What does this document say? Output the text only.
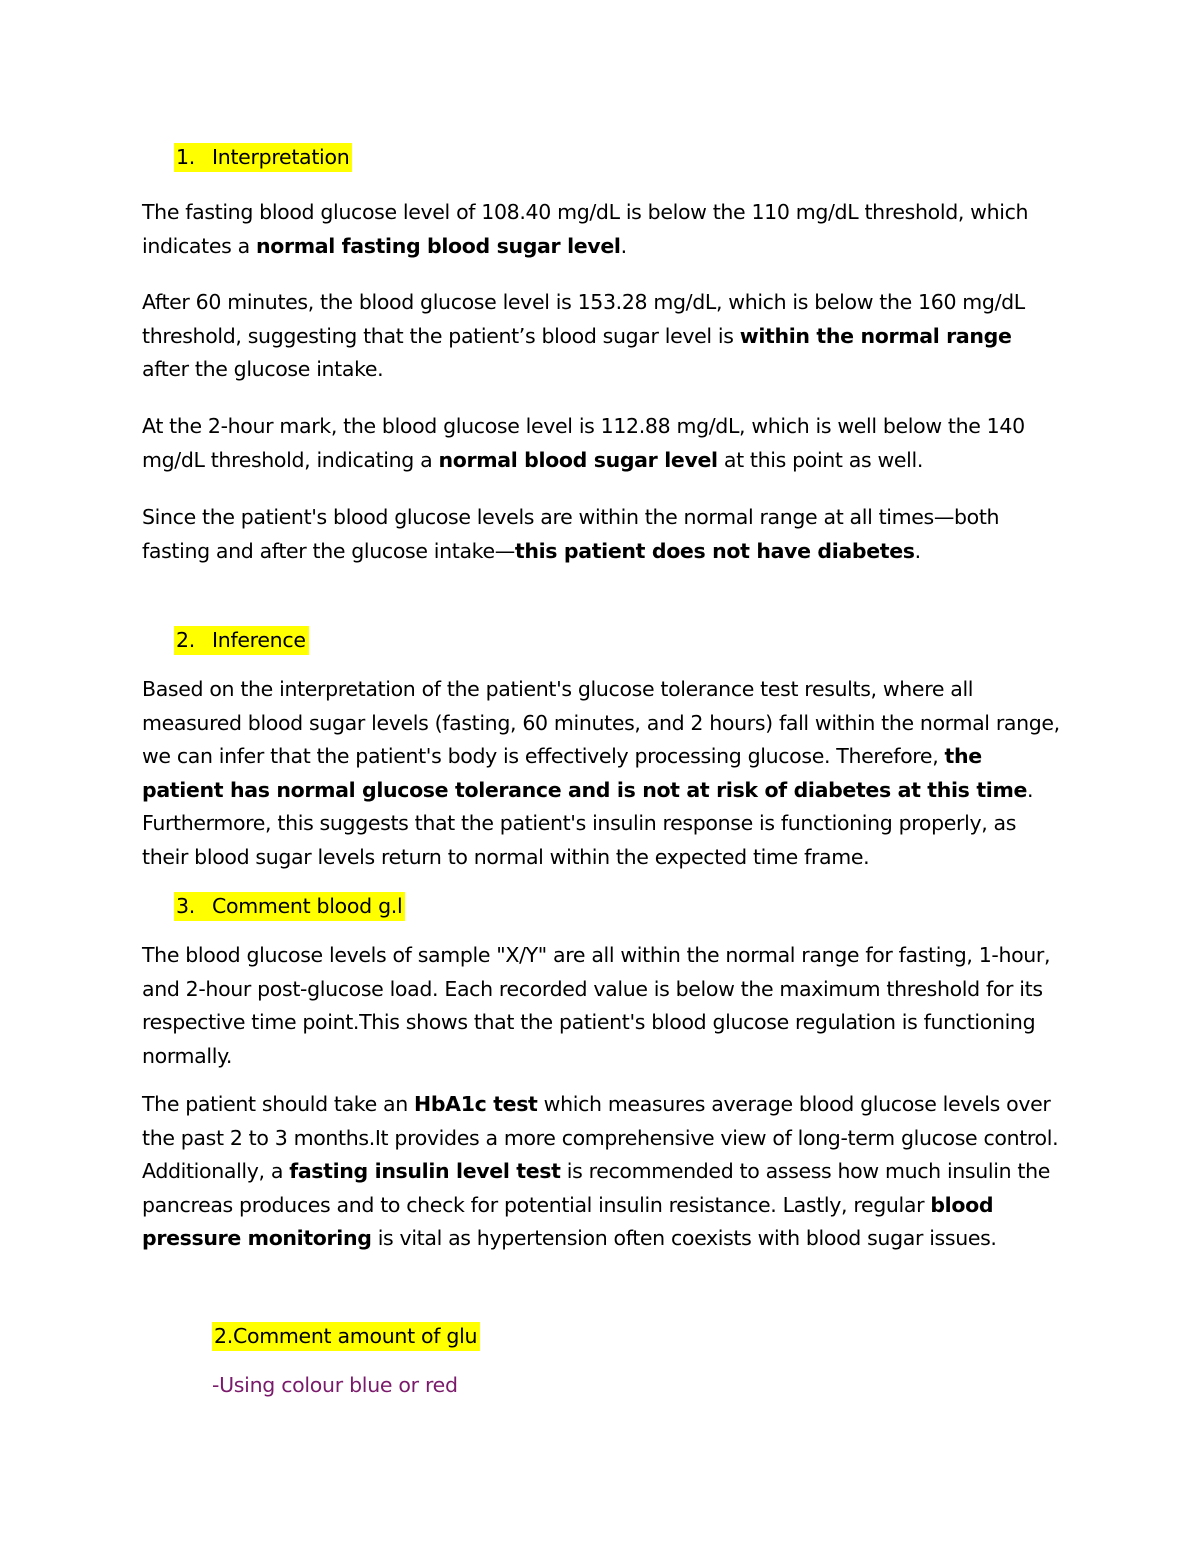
1. Interpretation

The fasting blood glucose level of 108.40 mg/dL is below the 110 mg/dL threshold, which indicates a normal fasting blood sugar level.

After 60 minutes, the blood glucose level is 153.28 mg/dL, which is below the 160 mg/dL threshold, suggesting that the patient’s blood sugar level is within the normal range after the glucose intake.

At the 2-hour mark, the blood glucose level is 112.88 mg/dL, which is well below the 140 mg/dL threshold, indicating a normal blood sugar level at this point as well.

Since the patient's blood glucose levels are within the normal range at all times—both fasting and after the glucose intake—this patient does not have diabetes.

2. Inference

Based on the interpretation of the patient's glucose tolerance test results, where all measured blood sugar levels (fasting, 60 minutes, and 2 hours) fall within the normal range, we can infer that the patient's body is effectively processing glucose. Therefore, the patient has normal glucose tolerance and is not at risk of diabetes at this time. Furthermore, this suggests that the patient's insulin response is functioning properly, as their blood sugar levels return to normal within the expected time frame.

3. Comment blood g.l

The blood glucose levels of sample "X/Y" are all within the normal range for fasting, 1-hour, and 2-hour post-glucose load. Each recorded value is below the maximum threshold for its respective time point.This shows that the patient's blood glucose regulation is functioning normally.

The patient should take an HbA1c test which measures average blood glucose levels over the past 2 to 3 months.It provides a more comprehensive view of long-term glucose control. Additionally, a fasting insulin level test is recommended to assess how much insulin the pancreas produces and to check for potential insulin resistance. Lastly, regular blood pressure monitoring is vital as hypertension often coexists with blood sugar issues.

2.Comment amount of glu
-Using colour blue or red
